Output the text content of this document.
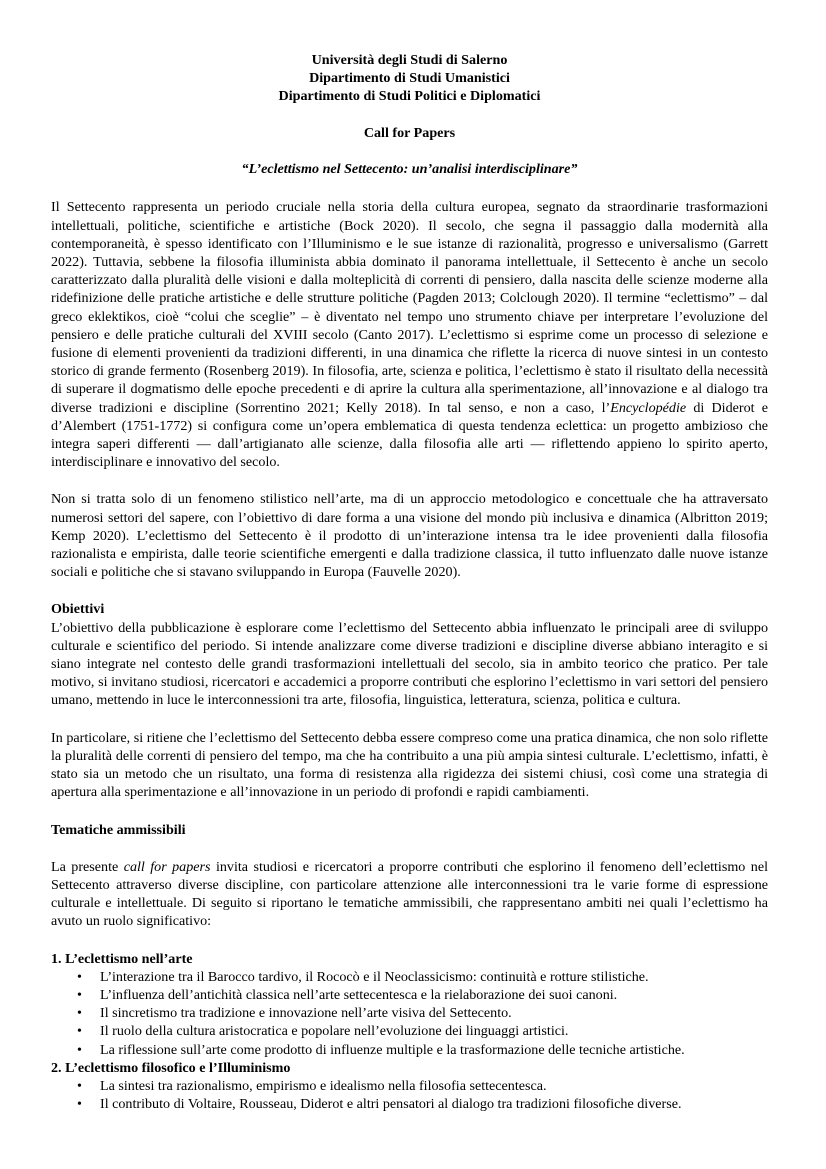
Università degli Studi di Salerno
Dipartimento di Studi Umanistici
Dipartimento di Studi Politici e Diplomatici
Call for Papers
“L’eclettismo nel Settecento: un’analisi interdisciplinare”

Il Settecento rappresenta un periodo cruciale nella storia della cultura europea, segnato da straordinarie trasformazioni intellettuali, politiche, scientifiche e artistiche (Bock 2020). Il secolo, che segna il passaggio dalla modernità alla contemporaneità, è spesso identificato con l’Illuminismo e le sue istanze di razionalità, progresso e universalismo (Garrett 2022). Tuttavia, sebbene la filosofia illuminista abbia dominato il panorama intellettuale, il Settecento è anche un secolo caratterizzato dalla pluralità delle visioni e dalla molteplicità di correnti di pensiero, dalla nascita delle scienze moderne alla ridefinizione delle pratiche artistiche e delle strutture politiche (Pagden 2013; Colclough 2020). Il termine “eclettismo” – dal greco eklektikos, cioè “colui che sceglie” – è diventato nel tempo uno strumento chiave per interpretare l’evoluzione del pensiero e delle pratiche culturali del XVIII secolo (Canto 2017). L’eclettismo si esprime come un processo di selezione e fusione di elementi provenienti da tradizioni differenti, in una dinamica che riflette la ricerca di nuove sintesi in un contesto storico di grande fermento (Rosenberg 2019). In filosofia, arte, scienza e politica, l’eclettismo è stato il risultato della necessità di superare il dogmatismo delle epoche precedenti e di aprire la cultura alla sperimentazione, all’innovazione e al dialogo tra diverse tradizioni e discipline (Sorrentino 2021; Kelly 2018). In tal senso, e non a caso, l’Encyclopédie di Diderot e d’Alembert (1751-1772) si configura come un’opera emblematica di questa tendenza eclettica: un progetto ambizioso che integra saperi differenti — dall’artigianato alle scienze, dalla filosofia alle arti — riflettendo appieno lo spirito aperto, interdisciplinare e innovativo del secolo.

Non si tratta solo di un fenomeno stilistico nell’arte, ma di un approccio metodologico e concettuale che ha attraversato numerosi settori del sapere, con l’obiettivo di dare forma a una visione del mondo più inclusiva e dinamica (Albritton 2019; Kemp 2020). L’eclettismo del Settecento è il prodotto di un’interazione intensa tra le idee provenienti dalla filosofia razionalista e empirista, dalle teorie scientifiche emergenti e dalla tradizione classica, il tutto influenzato dalle nuove istanze sociali e politiche che si stavano sviluppando in Europa (Fauvelle 2020).

Obiettivi

L’obiettivo della pubblicazione è esplorare come l’eclettismo del Settecento abbia influenzato le principali aree di sviluppo culturale e scientifico del periodo. Si intende analizzare come diverse tradizioni e discipline diverse abbiano interagito e si siano integrate nel contesto delle grandi trasformazioni intellettuali del secolo, sia in ambito teorico che pratico. Per tale motivo, si invitano studiosi, ricercatori e accademici a proporre contributi che esplorino l’eclettismo in vari settori del pensiero umano, mettendo in luce le interconnessioni tra arte, filosofia, linguistica, letteratura, scienza, politica e cultura.

In particolare, si ritiene che l’eclettismo del Settecento debba essere compreso come una pratica dinamica, che non solo riflette la pluralità delle correnti di pensiero del tempo, ma che ha contribuito a una più ampia sintesi culturale. L’eclettismo, infatti, è stato sia un metodo che un risultato, una forma di resistenza alla rigidezza dei sistemi chiusi, così come una strategia di apertura alla sperimentazione e all’innovazione in un periodo di profondi e rapidi cambiamenti.

Tematiche ammissibili

La presente call for papers invita studiosi e ricercatori a proporre contributi che esplorino il fenomeno dell’eclettismo nel Settecento attraverso diverse discipline, con particolare attenzione alle interconnessioni tra le varie forme di espressione culturale e intellettuale. Di seguito si riportano le tematiche ammissibili, che rappresentano ambiti nei quali l’eclettismo ha avuto un ruolo significativo:

1. L’eclettismo nell’arte
• L’interazione tra il Barocco tardivo, il Rococò e il Neoclassicismo: continuità e rotture stilistiche.
• L’influenza dell’antichità classica nell’arte settecentesca e la rielaborazione dei suoi canoni.
• Il sincretismo tra tradizione e innovazione nell’arte visiva del Settecento.
• Il ruolo della cultura aristocratica e popolare nell’evoluzione dei linguaggi artistici.
• La riflessione sull’arte come prodotto di influenze multiple e la trasformazione delle tecniche artistiche.
2. L’eclettismo filosofico e l’Illuminismo
• La sintesi tra razionalismo, empirismo e idealismo nella filosofia settecentesca.
• Il contributo di Voltaire, Rousseau, Diderot e altri pensatori al dialogo tra tradizioni filosofiche diverse.
